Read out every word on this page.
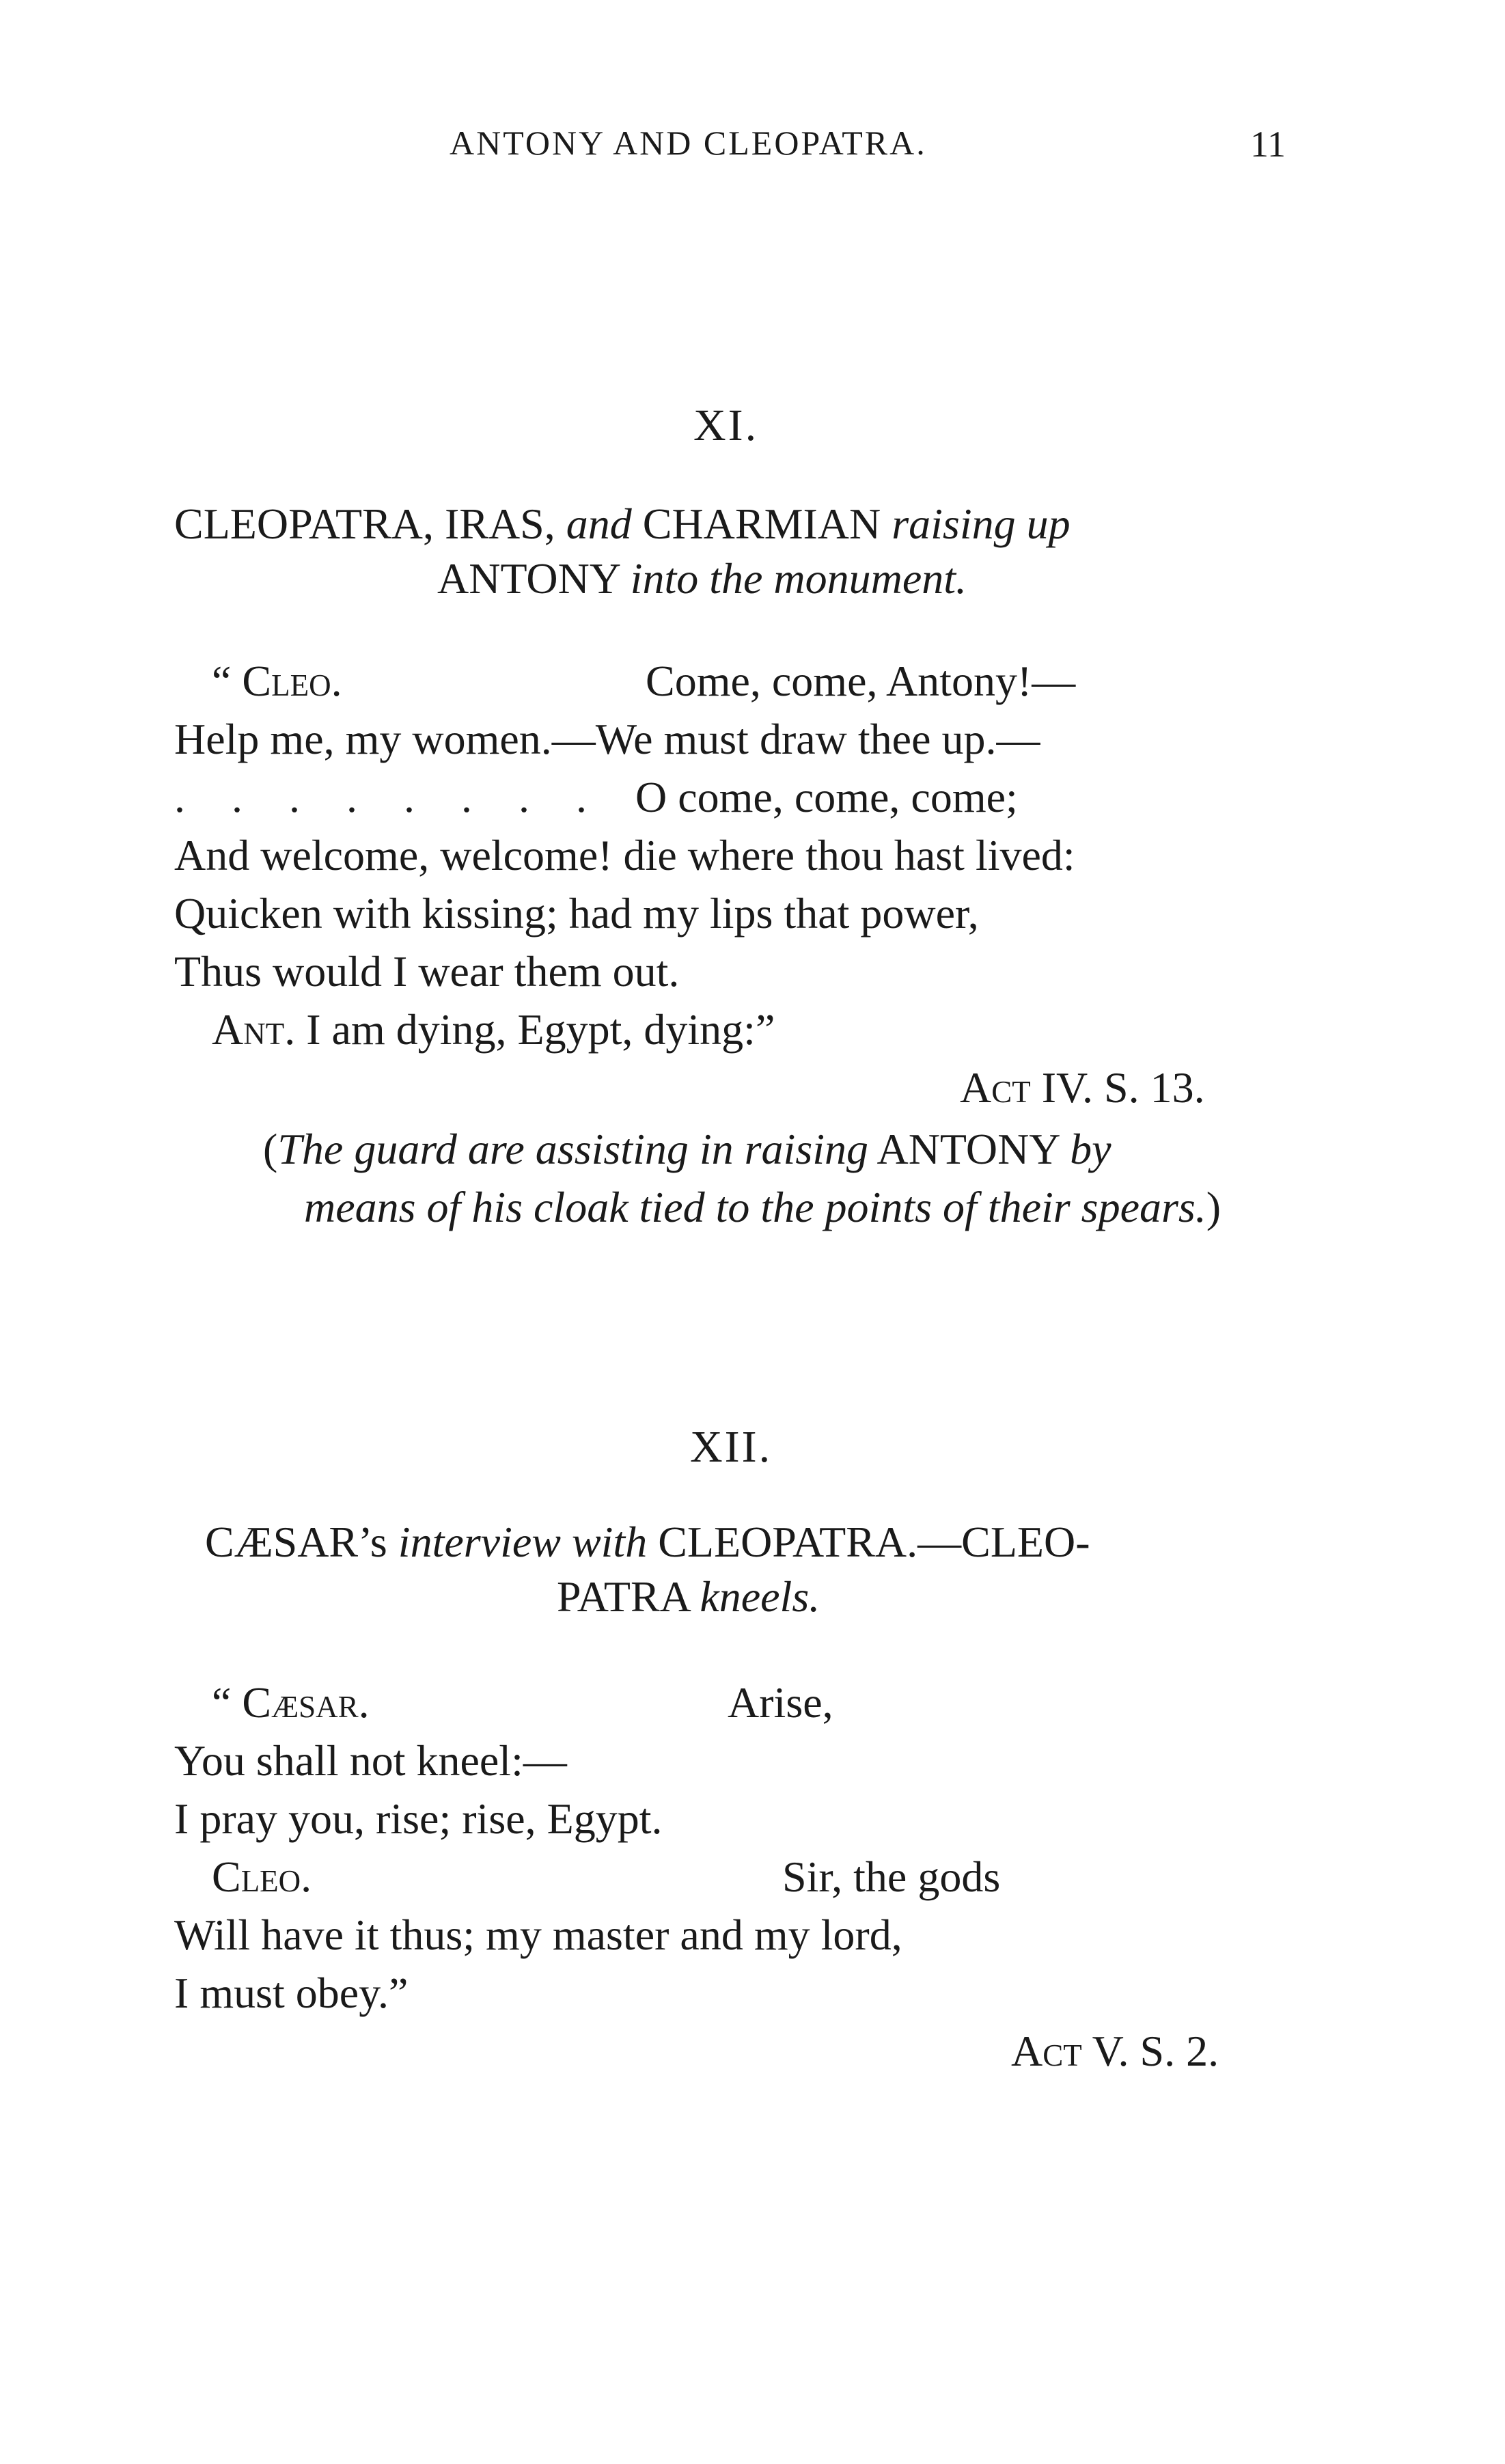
ANTONY AND CLEOPATRA.	11
XI.
CLEOPATRA, IRAS, and CHARMIAN raising up
ANTONY into the monument.
“ Cleo.	Come, come, Antony!—
Help me, my women.—We must draw thee up.—
. . . . . . . . O come, come, come;
And welcome, welcome! die where thou hast lived:
Quicken with kissing; had my lips that power,
Thus would I wear them out.
Ant. I am dying, Egypt, dying:”
Act IV. S. 13.
(The guard are assisting in raising ANTONY by
means of his cloak tied to the points of their spears.)
XII.
CÆSAR’s interview with CLEOPATRA.—CLEO-
PATRA kneels.
“ Cæsar.	Arise,
You shall not kneel:—
I pray you, rise; rise, Egypt.
Cleo.	Sir, the gods
Will have it thus; my master and my lord,
I must obey.”
Act V. S. 2.
